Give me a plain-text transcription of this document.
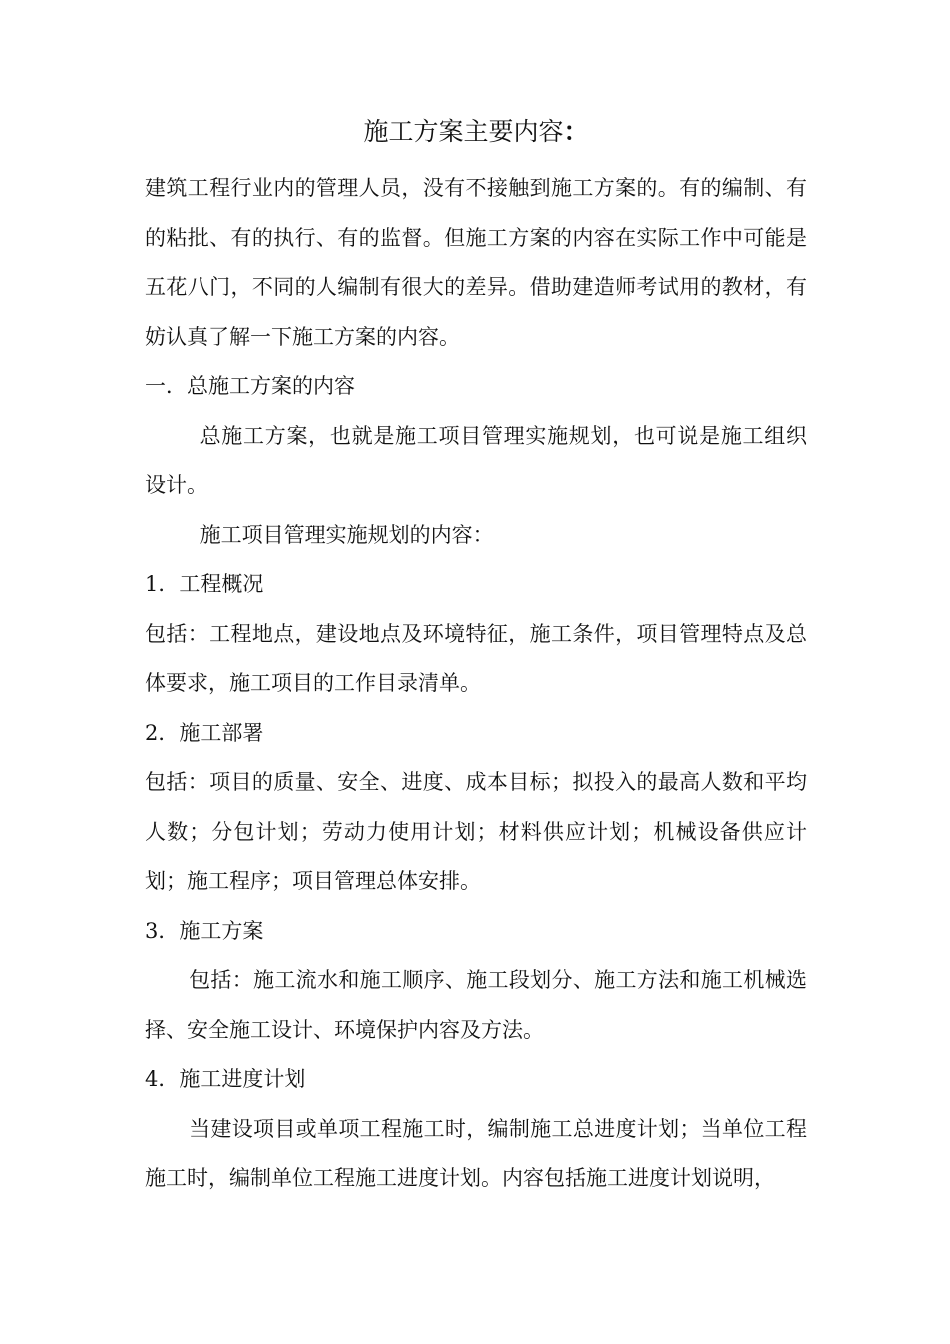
施工方案主要内容：

建筑工程行业内的管理人员，没有不接触到施工方案的。有的编制、有的粘批、有的执行、有的监督。但施工方案的内容在实际工作中可能是五花八门，不同的人编制有很大的差异。借助建造师考试用的教材，有妨认真了解一下施工方案的内容。

一．总施工方案的内容

总施工方案，也就是施工项目管理实施规划，也可说是施工组织设计。

施工项目管理实施规划的内容：

1．工程概况

包括：工程地点，建设地点及环境特征，施工条件，项目管理特点及总体要求，施工项目的工作目录清单。

2．施工部署

包括：项目的质量、安全、进度、成本目标；拟投入的最高人数和平均人数；分包计划；劳动力使用计划；材料供应计划；机械设备供应计划；施工程序；项目管理总体安排。

3．施工方案

包括：施工流水和施工顺序、施工段划分、施工方法和施工机械选择、安全施工设计、环境保护内容及方法。

4．施工进度计划

当建设项目或单项工程施工时，编制施工总进度计划；当单位工程施工时，编制单位工程施工进度计划。内容包括施工进度计划说明，
